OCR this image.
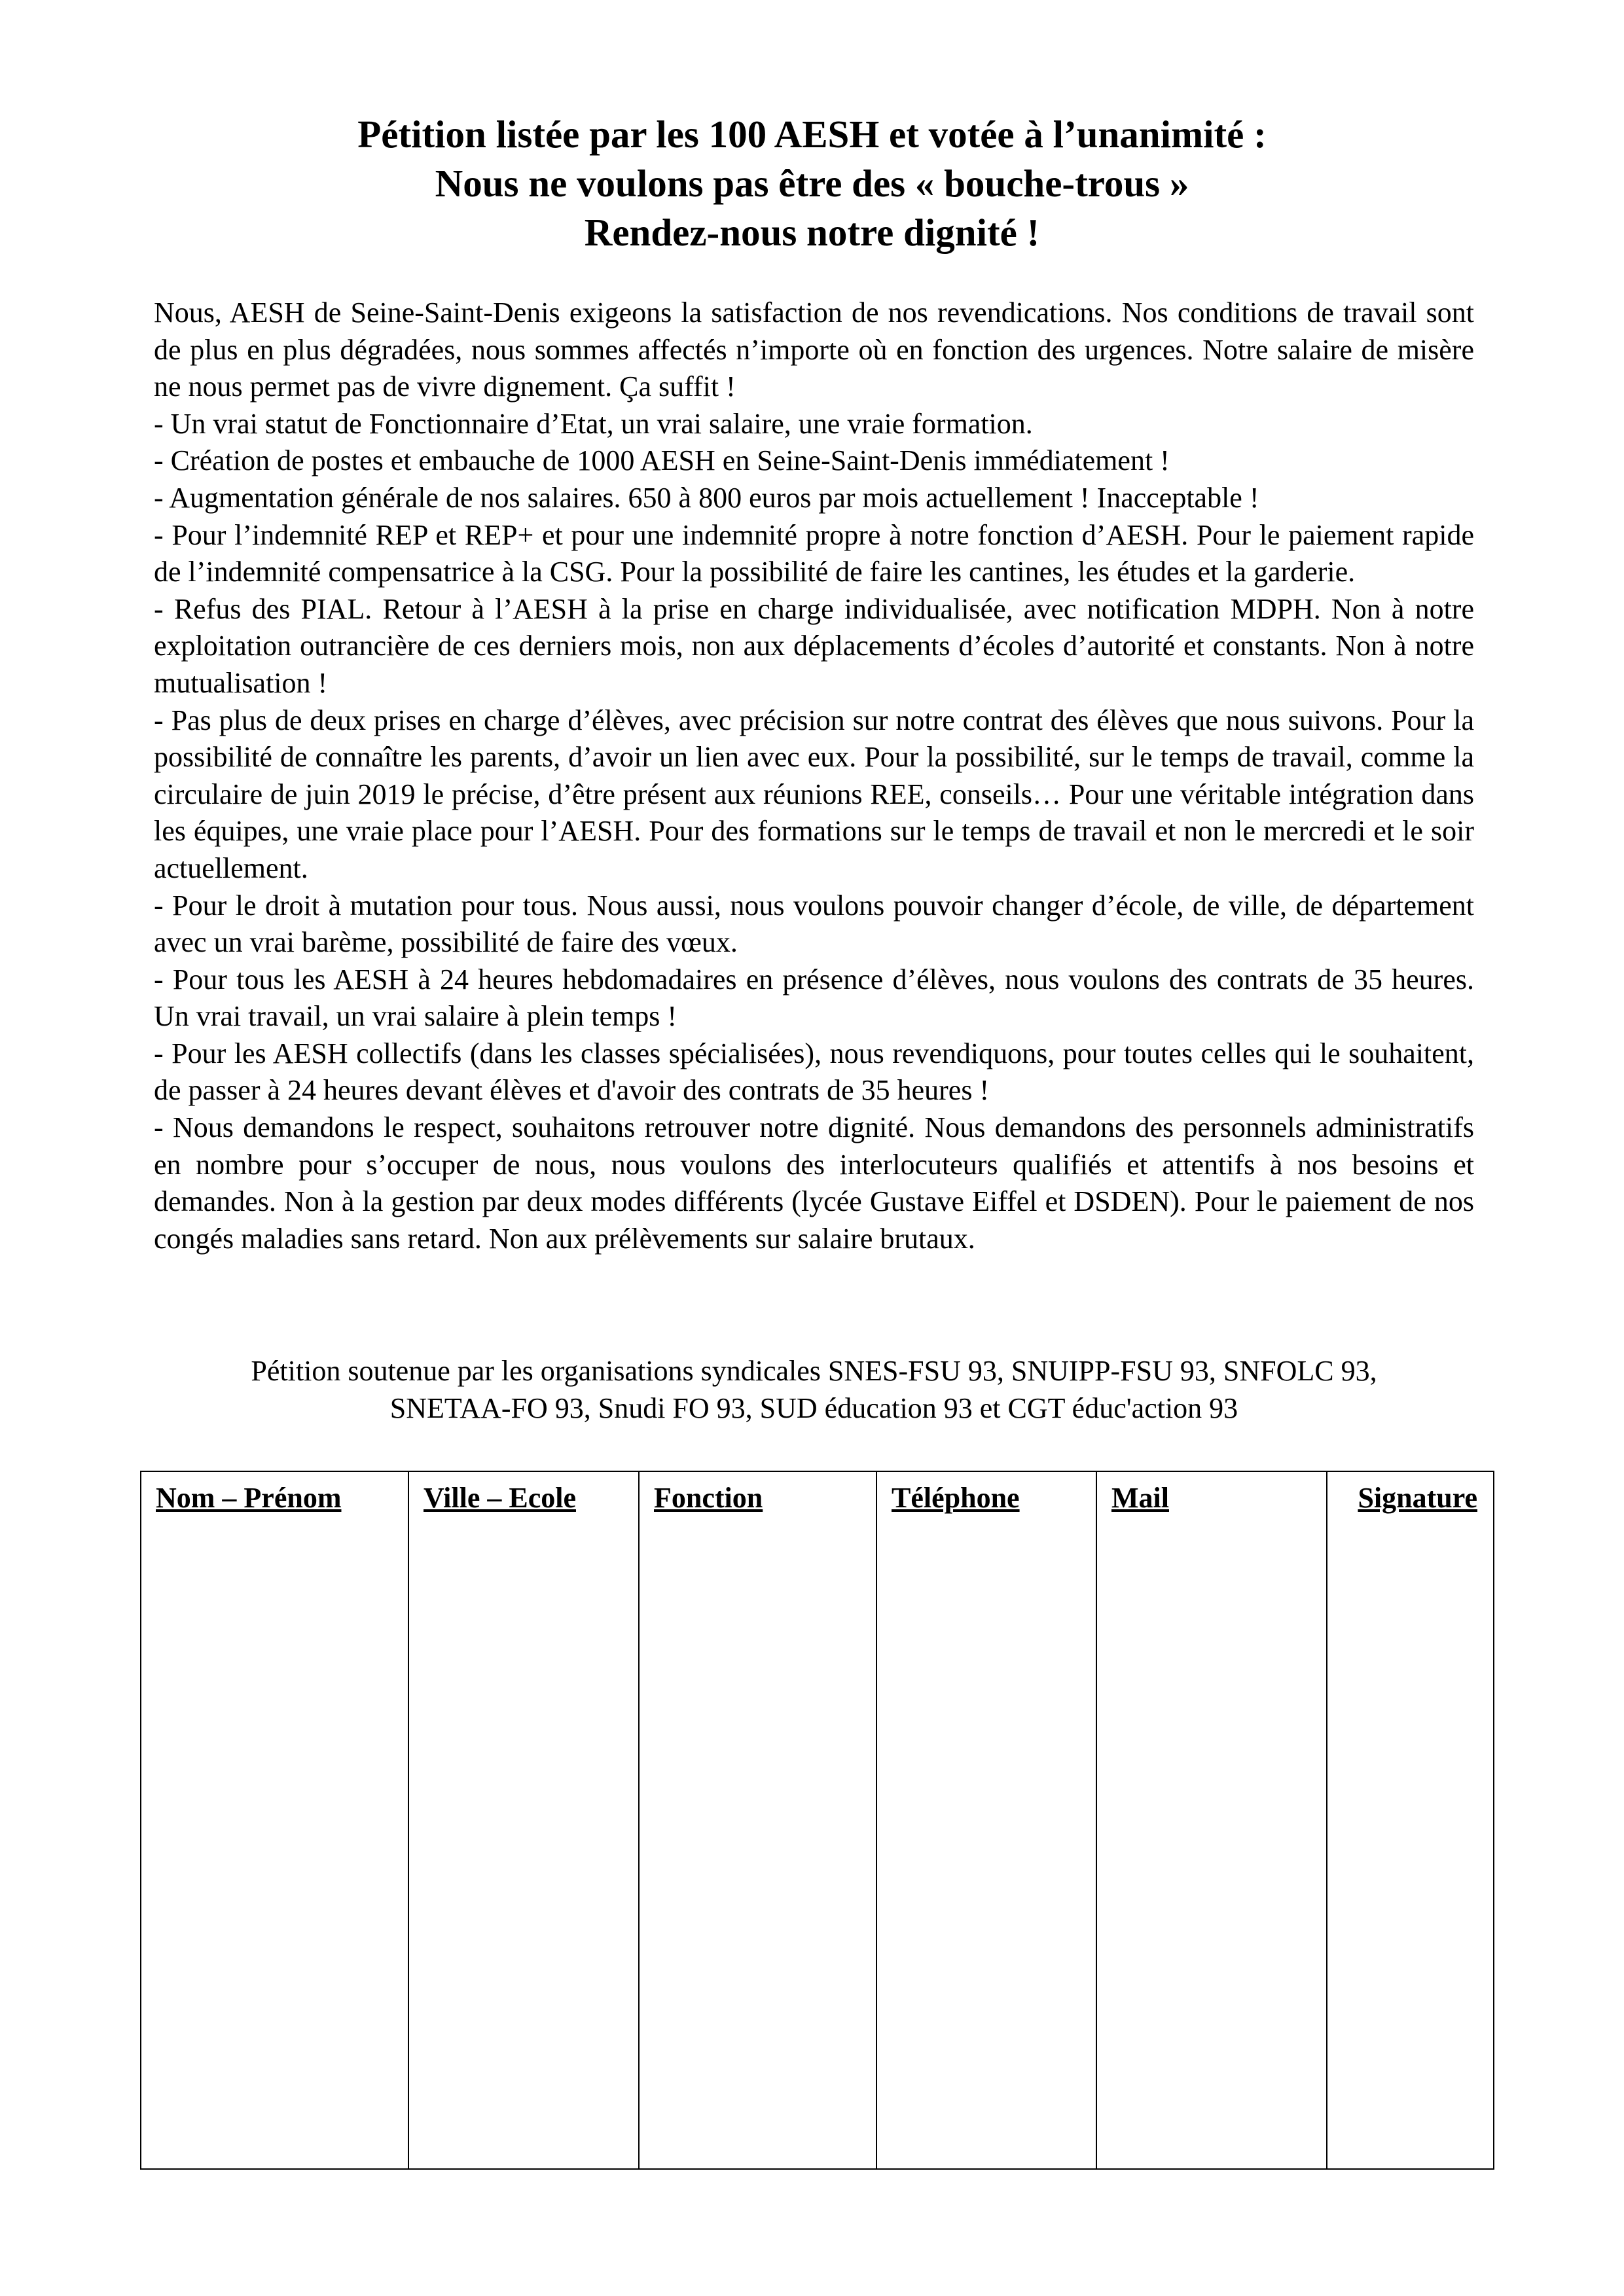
Pétition listée par les 100 AESH et votée à l’unanimité :
Nous ne voulons pas être des « bouche-trous »
Rendez-nous notre dignité !

Nous, AESH de Seine-Saint-Denis exigeons la satisfaction de nos revendications. Nos conditions de travail sont de plus en plus dégradées, nous sommes affectés n’importe où en fonction des urgences. Notre salaire de misère ne nous permet pas de vivre dignement. Ça suffit !

- Un vrai statut de Fonctionnaire d’Etat, un vrai salaire, une vraie formation.

- Création de postes et embauche de 1000 AESH en Seine-Saint-Denis immédiatement !

- Augmentation générale de nos salaires. 650 à 800 euros par mois actuellement ! Inacceptable !

- Pour l’indemnité REP et REP+ et pour une indemnité propre à notre fonction d’AESH. Pour le paiement rapide de l’indemnité compensatrice à la CSG. Pour la possibilité de faire les cantines, les études et la garderie.

- Refus des PIAL. Retour à l’AESH à la prise en charge individualisée, avec notification MDPH. Non à notre exploitation outrancière de ces derniers mois, non aux déplacements d’écoles d’autorité et constants. Non à notre mutualisation !

- Pas plus de deux prises en charge d’élèves, avec précision sur notre contrat des élèves que nous suivons. Pour la possibilité de connaître les parents, d’avoir un lien avec eux. Pour la possibilité, sur le temps de travail, comme la circulaire de juin 2019 le précise, d’être présent aux réunions REE, conseils… Pour une véritable intégration dans les équipes, une vraie place pour l’AESH. Pour des formations sur le temps de travail et non le mercredi et le soir actuellement.

- Pour le droit à mutation pour tous. Nous aussi, nous voulons pouvoir changer d’école, de ville, de département avec un vrai barème, possibilité de faire des vœux.

- Pour tous les AESH à 24 heures hebdomadaires en présence d’élèves, nous voulons des contrats de 35 heures. Un vrai travail, un vrai salaire à plein temps !

- Pour les AESH collectifs (dans les classes spécialisées), nous revendiquons, pour toutes celles qui le souhaitent, de passer à 24 heures devant élèves et d'avoir des contrats de 35 heures !

- Nous demandons le respect, souhaitons retrouver notre dignité. Nous demandons des personnels administratifs en nombre pour s’occuper de nous, nous voulons des interlocuteurs qualifiés et attentifs à nos besoins et demandes. Non à la gestion par deux modes différents (lycée Gustave Eiffel et DSDEN). Pour le paiement de nos congés maladies sans retard. Non aux prélèvements sur salaire brutaux.

Pétition soutenue par les organisations syndicales SNES-FSU 93, SNUIPP-FSU 93, SNFOLC 93,
SNETAA-FO 93, Snudi FO 93, SUD éducation 93 et CGT éduc'action 93
Nom – Prénom	Ville – Ecole	Fonction	Téléphone	Mail	Signature
